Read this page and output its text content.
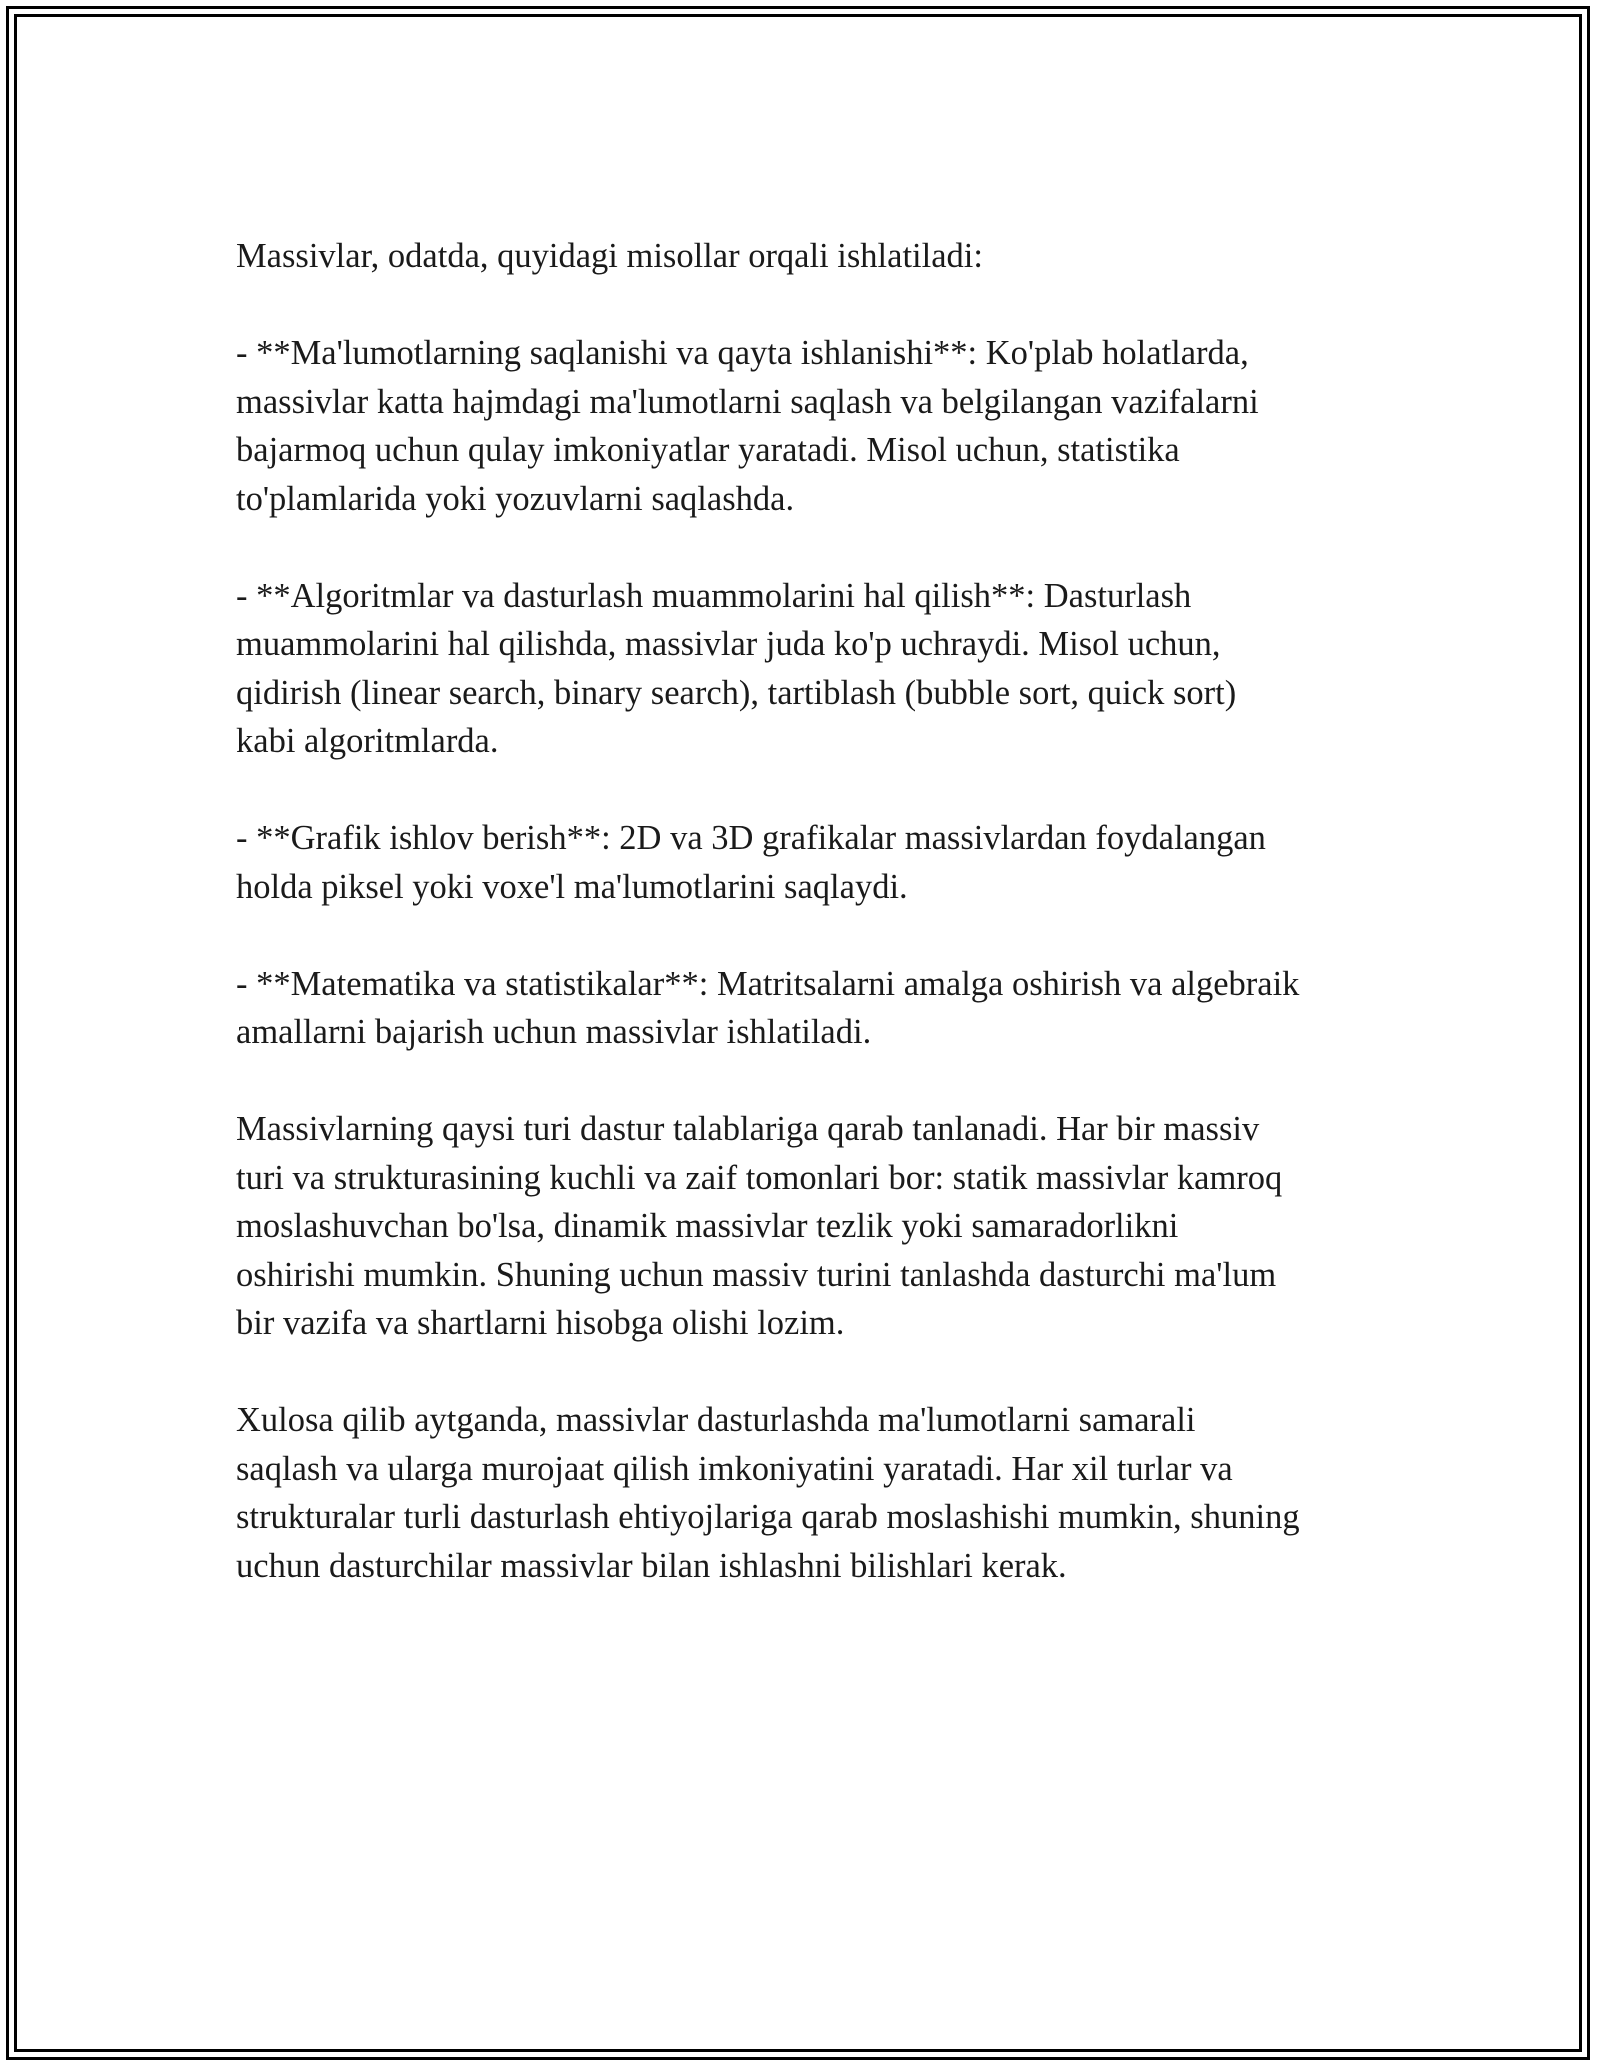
Massivlar, odatda, quyidagi misollar orqali ishlatiladi:

- **Ma'lumotlarning saqlanishi va qayta ishlanishi**: Ko'plab holatlarda,
massivlar katta hajmdagi ma'lumotlarni saqlash va belgilangan vazifalarni
bajarmoq uchun qulay imkoniyatlar yaratadi. Misol uchun, statistika
to'plamlarida yoki yozuvlarni saqlashda.

- **Algoritmlar va dasturlash muammolarini hal qilish**: Dasturlash
muammolarini hal qilishda, massivlar juda ko'p uchraydi. Misol uchun,
qidirish (linear search, binary search), tartiblash (bubble sort, quick sort)
kabi algoritmlarda.

- **Grafik ishlov berish**: 2D va 3D grafikalar massivlardan foydalangan
holda piksel yoki voxe'l ma'lumotlarini saqlaydi.

- **Matematika va statistikalar**: Matritsalarni amalga oshirish va algebraik
amallarni bajarish uchun massivlar ishlatiladi.

Massivlarning qaysi turi dastur talablariga qarab tanlanadi. Har bir massiv
turi va strukturasining kuchli va zaif tomonlari bor: statik massivlar kamroq
moslashuvchan bo'lsa, dinamik massivlar tezlik yoki samaradorlikni
oshirishi mumkin. Shuning uchun massiv turini tanlashda dasturchi ma'lum
bir vazifa va shartlarni hisobga olishi lozim.

Xulosa qilib aytganda, massivlar dasturlashda ma'lumotlarni samarali
saqlash va ularga murojaat qilish imkoniyatini yaratadi. Har xil turlar va
strukturalar turli dasturlash ehtiyojlariga qarab moslashishi mumkin, shuning
uchun dasturchilar massivlar bilan ishlashni bilishlari kerak.
